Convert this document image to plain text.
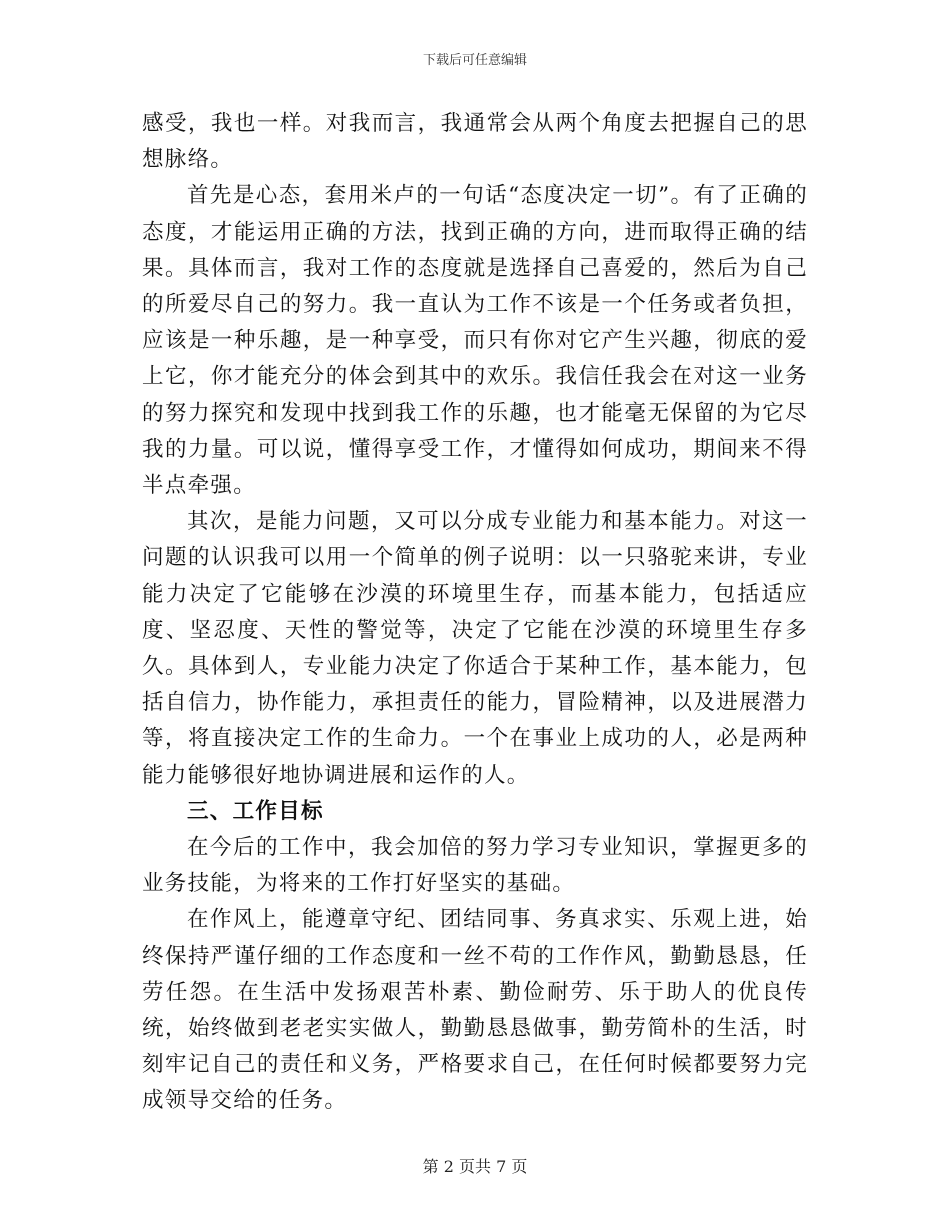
下载后可任意编辑

感受，我也一样。对我而言，我通常会从两个角度去把握自己的思想脉络。

首先是心态，套用米卢的一句话“态度决定一切”。有了正确的态度，才能运用正确的方法，找到正确的方向，进而取得正确的结果。具体而言，我对工作的态度就是选择自己喜爱的，然后为自己的所爱尽自己的努力。我一直认为工作不该是一个任务或者负担，应该是一种乐趣，是一种享受，而只有你对它产生兴趣，彻底的爱上它，你才能充分的体会到其中的欢乐。我信任我会在对这一业务的努力探究和发现中找到我工作的乐趣，也才能毫无保留的为它尽我的力量。可以说，懂得享受工作，才懂得如何成功，期间来不得半点牵强。

其次，是能力问题，又可以分成专业能力和基本能力。对这一问题的认识我可以用一个简单的例子说明：以一只骆驼来讲，专业能力决定了它能够在沙漠的环境里生存，而基本能力，包括适应度、坚忍度、天性的警觉等，决定了它能在沙漠的环境里生存多久。具体到人，专业能力决定了你适合于某种工作，基本能力，包括自信力，协作能力，承担责任的能力，冒险精神，以及进展潜力等，将直接决定工作的生命力。一个在事业上成功的人，必是两种能力能够很好地协调进展和运作的人。

三、工作目标

在今后的工作中，我会加倍的努力学习专业知识，掌握更多的业务技能，为将来的工作打好坚实的基础。

在作风上，能遵章守纪、团结同事、务真求实、乐观上进，始终保持严谨仔细的工作态度和一丝不苟的工作作风，勤勤恳恳，任劳任怨。在生活中发扬艰苦朴素、勤俭耐劳、乐于助人的优良传统，始终做到老老实实做人，勤勤恳恳做事，勤劳简朴的生活，时刻牢记自己的责任和义务，严格要求自己，在任何时候都要努力完成领导交给的任务。

第 2 页共 7 页
